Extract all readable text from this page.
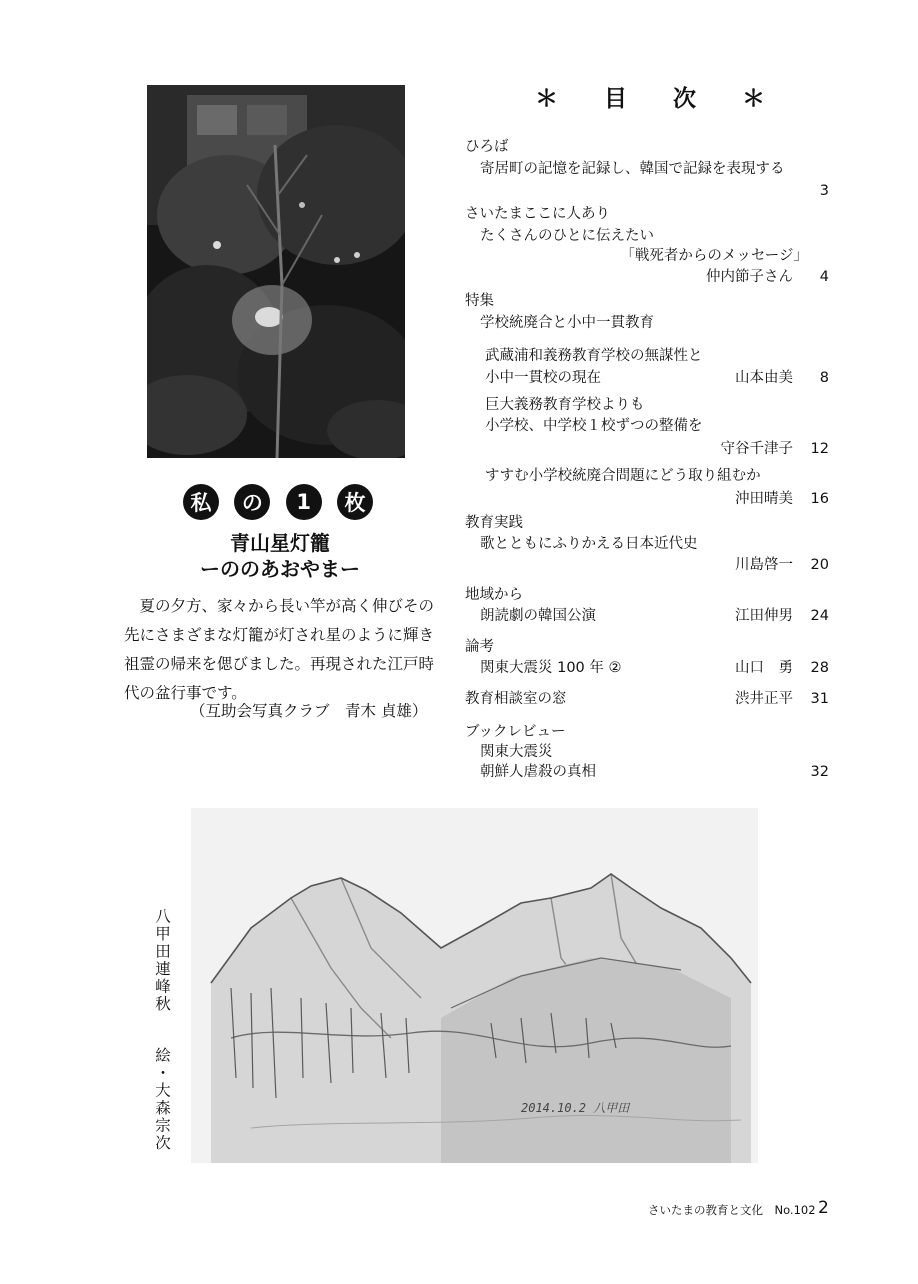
私	の	1	枚
青山星灯籠
ーののあおやまー

夏の夕方、家々から長い竿が高く伸びその先にさまざまな灯籠が灯され星のように輝き祖霊の帰来を偲びました。再現された江戸時代の盆行事です。

（互助会写真クラブ　青木 貞雄）
＊ 目 次 ＊
ひろば
寄居町の記憶を記録し、韓国で記録を表現する
3
さいたまここに人あり
たくさんのひとに伝えたい
「戦死者からのメッセージ」
仲内節子さん 4
特集
学校統廃合と小中一貫教育
武蔵浦和義務教育学校の無謀性と
小中一貫校の現在	山本由美 8
巨大義務教育学校よりも
小学校、中学校１校ずつの整備を
守谷千津子 12
すすむ小学校統廃合問題にどう取り組むか
沖田晴美 16
教育実践
歌とともにふりかえる日本近代史
川島啓一 20
地域から
朗読劇の韓国公演	江田伸男 24
論考
関東大震災 100 年 ②	山口　勇 28
教育相談室の窓	渋井正平 31
ブックレビュー
関東大震災
朝鮮人虐殺の真相	32
2014.10.2 八甲田
八甲田連峰秋
絵・大森宗次
さいたまの教育と文化　No.102 2
